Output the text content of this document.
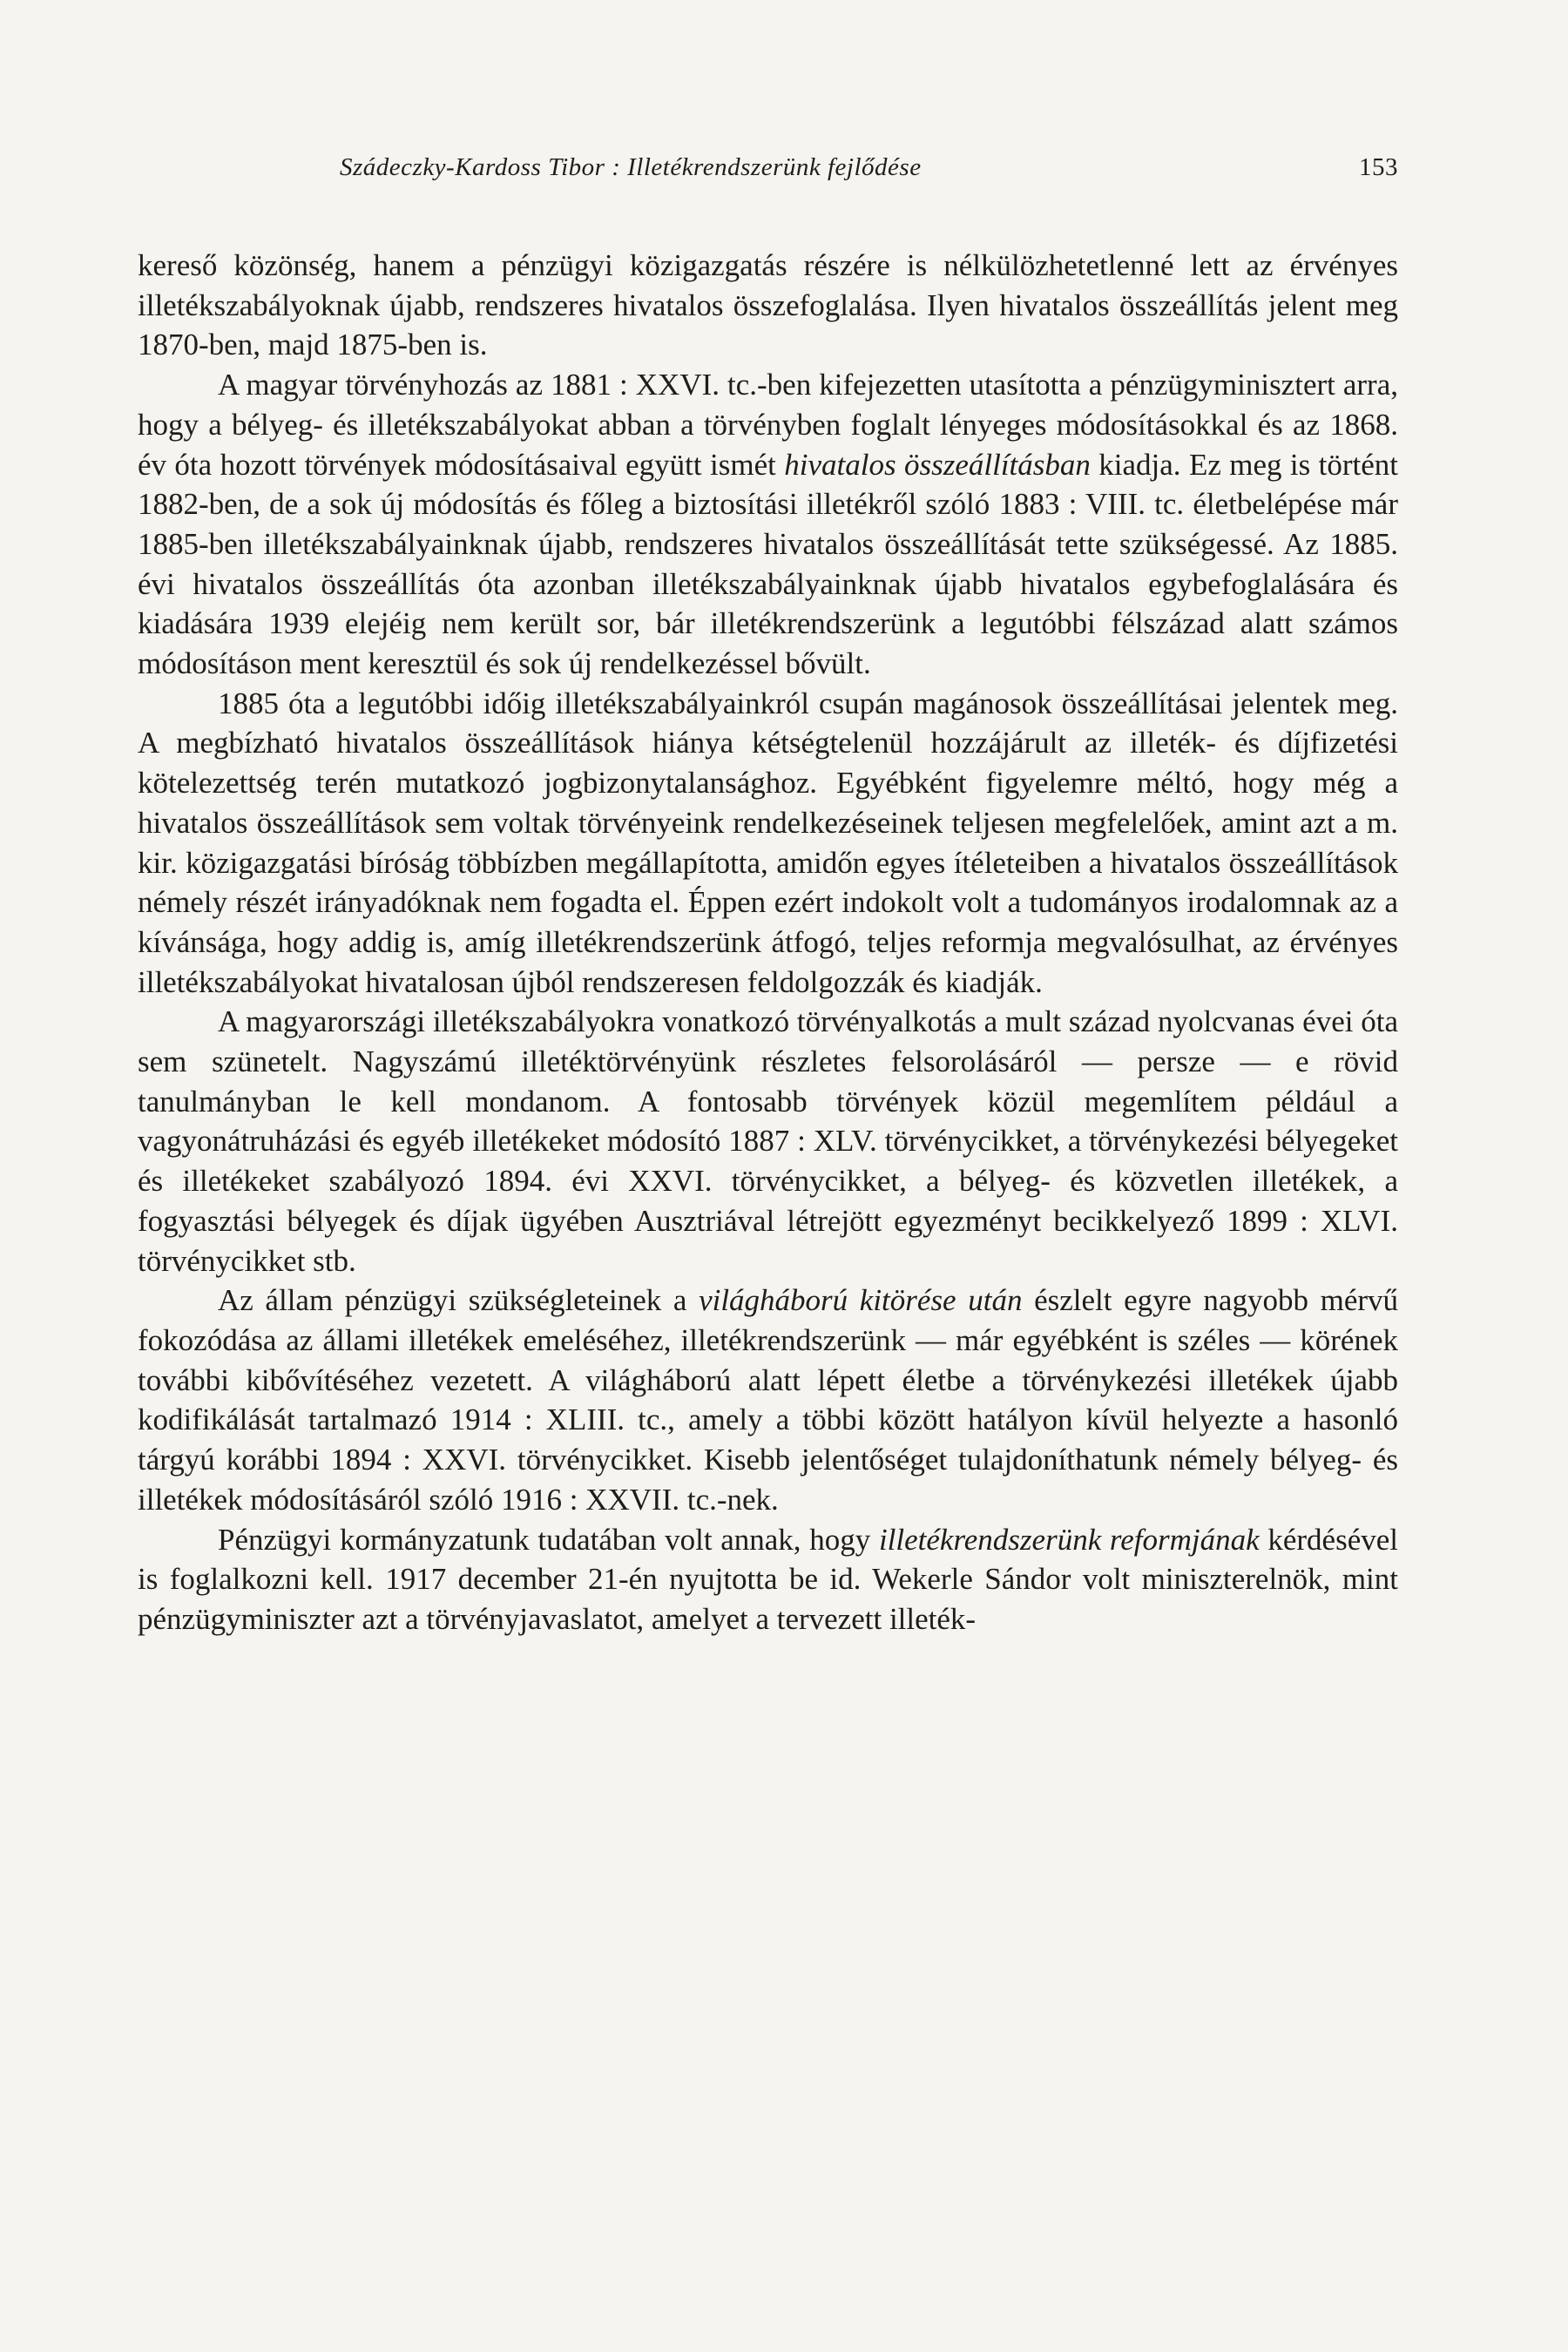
Szádeczky-Kardoss Tibor : Illetékrendszerünk fejlődése	153

kereső közönség, hanem a pénzügyi közigazgatás részére is nélkülözhetetlenné lett az érvényes illetékszabályoknak újabb, rendszeres hivatalos összefoglalása. Ilyen hivatalos összeállítás jelent meg 1870-ben, majd 1875-ben is.

A magyar törvényhozás az 1881 : XXVI. tc.-ben kifejezetten utasította a pénzügyminisztert arra, hogy a bélyeg- és illetékszabályokat abban a törvényben foglalt lényeges módosításokkal és az 1868. év óta hozott törvények módosításaival együtt ismét hivatalos összeállításban kiadja. Ez meg is történt 1882-ben, de a sok új módosítás és főleg a biztosítási illetékről szóló 1883 : VIII. tc. életbelépése már 1885-ben illetékszabályainknak újabb, rendszeres hivatalos összeállítását tette szükségessé. Az 1885. évi hivatalos összeállítás óta azonban illetékszabályainknak újabb hivatalos egybefoglalására és kiadására 1939 elejéig nem került sor, bár illetékrendszerünk a legutóbbi félszázad alatt számos módosításon ment keresztül és sok új rendelkezéssel bővült.

1885 óta a legutóbbi időig illetékszabályainkról csupán magánosok összeállításai jelentek meg. A megbízható hivatalos összeállítások hiánya kétségtelenül hozzájárult az illeték- és díjfizetési kötelezettség terén mutatkozó jogbizonytalansághoz. Egyébként figyelemre méltó, hogy még a hivatalos összeállítások sem voltak törvényeink rendelkezéseinek teljesen megfelelőek, amint azt a m. kir. közigazgatási bíróság többízben megállapította, amidőn egyes ítéleteiben a hivatalos összeállítások némely részét irányadóknak nem fogadta el. Éppen ezért indokolt volt a tudományos irodalomnak az a kívánsága, hogy addig is, amíg illetékrendszerünk átfogó, teljes reformja megvalósulhat, az érvényes illetékszabályokat hivatalosan újból rendszeresen feldolgozzák és kiadják.

A magyarországi illetékszabályokra vonatkozó törvényalkotás a mult század nyolcvanas évei óta sem szünetelt. Nagyszámú illetéktörvényünk részletes felsorolásáról — persze — e rövid tanulmányban le kell mondanom. A fontosabb törvények közül megemlítem például a vagyonátruházási és egyéb illetékeket módosító 1887 : XLV. törvénycikket, a törvénykezési bélyegeket és illetékeket szabályozó 1894. évi XXVI. törvénycikket, a bélyeg- és közvetlen illetékek, a fogyasztási bélyegek és díjak ügyében Ausztriával létrejött egyezményt becikkelyező 1899 : XLVI. törvénycikket stb.

Az állam pénzügyi szükségleteinek a világháború kitörése után észlelt egyre nagyobb mérvű fokozódása az állami illetékek emeléséhez, illetékrendszerünk — már egyébként is széles — körének további kibővítéséhez vezetett. A világháború alatt lépett életbe a törvénykezési illetékek újabb kodifikálását tartalmazó 1914 : XLIII. tc., amely a többi között hatályon kívül helyezte a hasonló tárgyú korábbi 1894 : XXVI. törvénycikket. Kisebb jelentőséget tulajdoníthatunk némely bélyeg- és illetékek módosításáról szóló 1916 : XXVII. tc.-nek.

Pénzügyi kormányzatunk tudatában volt annak, hogy illetékrendszerünk reformjának kérdésével is foglalkozni kell. 1917 december 21-én nyujtotta be id. Wekerle Sándor volt miniszterelnök, mint pénzügyminiszter azt a törvényjavaslatot, amelyet a tervezett illeték-
